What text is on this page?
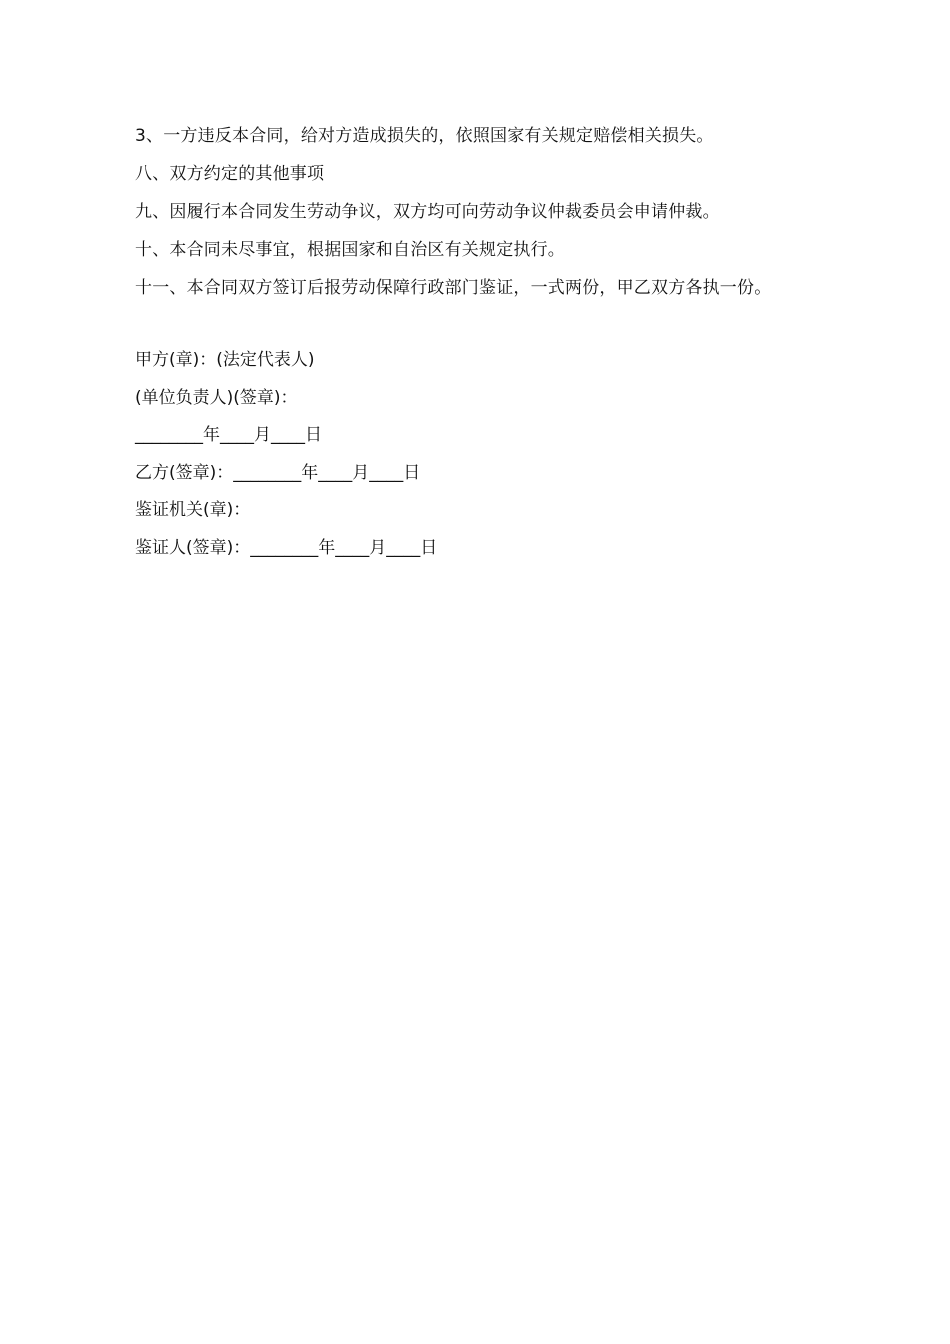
3、一方违反本合同，给对方造成损失的，依照国家有关规定赔偿相关损失。
八、双方约定的其他事项
九、因履行本合同发生劳动争议，双方均可向劳动争议仲裁委员会申请仲裁。
十、本合同未尽事宜，根据国家和自治区有关规定执行。
十一、本合同双方签订后报劳动保障行政部门鉴证，一式两份，甲乙双方各执一份。
甲方(章)：(法定代表人)
(单位负责人)(签章)：
________年____月____日
乙方(签章)：________年____月____日
鉴证机关(章)：
鉴证人(签章)：________年____月____日
